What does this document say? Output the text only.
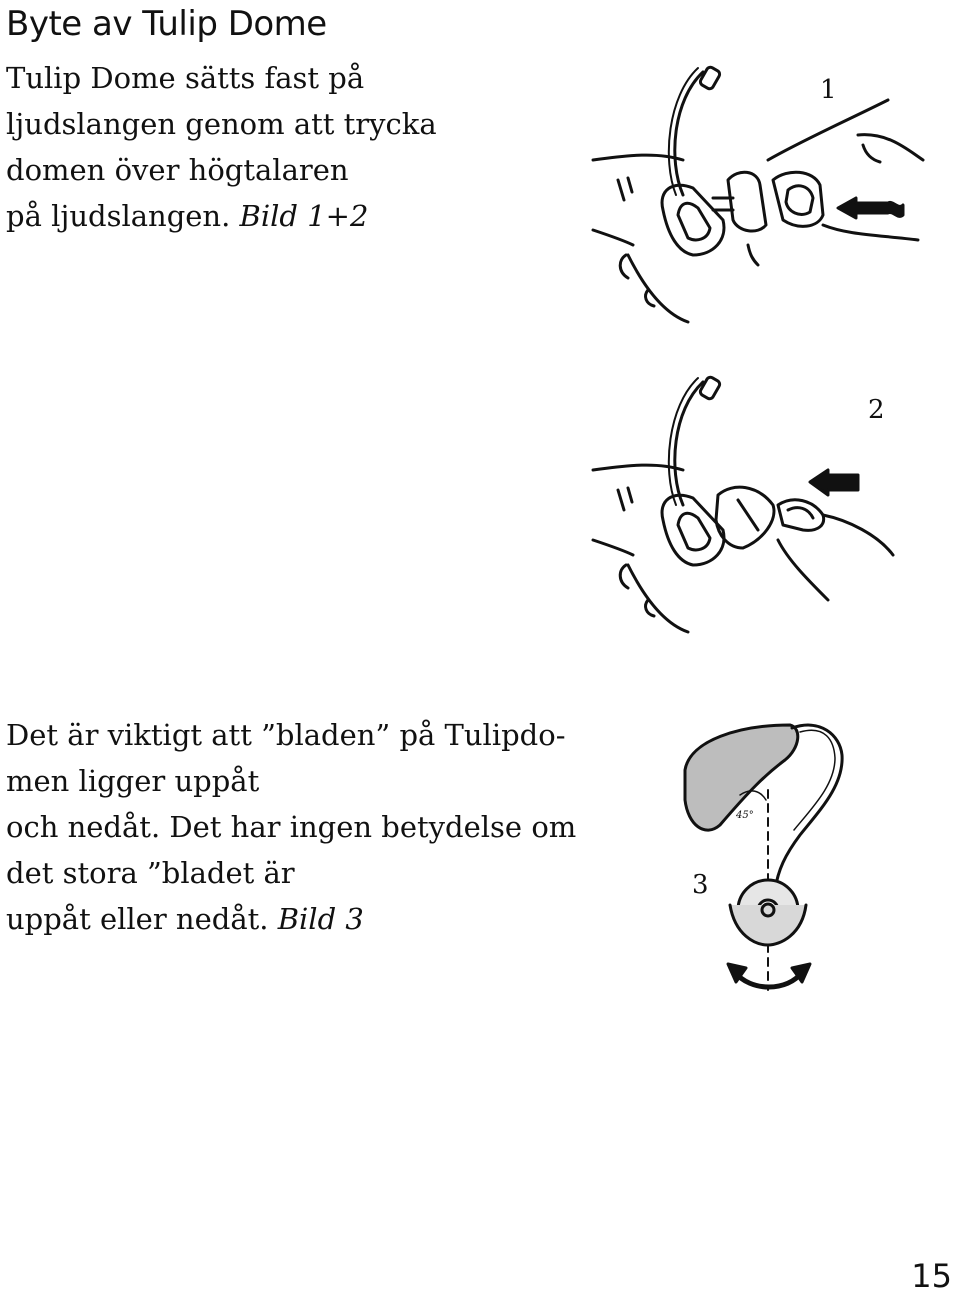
Byte av Tulip Dome
Tulip Dome sätts fast på
ljudslangen genom att trycka
domen över högtalaren
på ljudslangen. Bild 1+2
1
2
Det är viktigt att ”bladen” på Tulipdo-
men ligger uppåt
och nedåt. Det har ingen betydelse om
det stora ”bladet är
uppåt eller nedåt. Bild 3
45°
3
15
